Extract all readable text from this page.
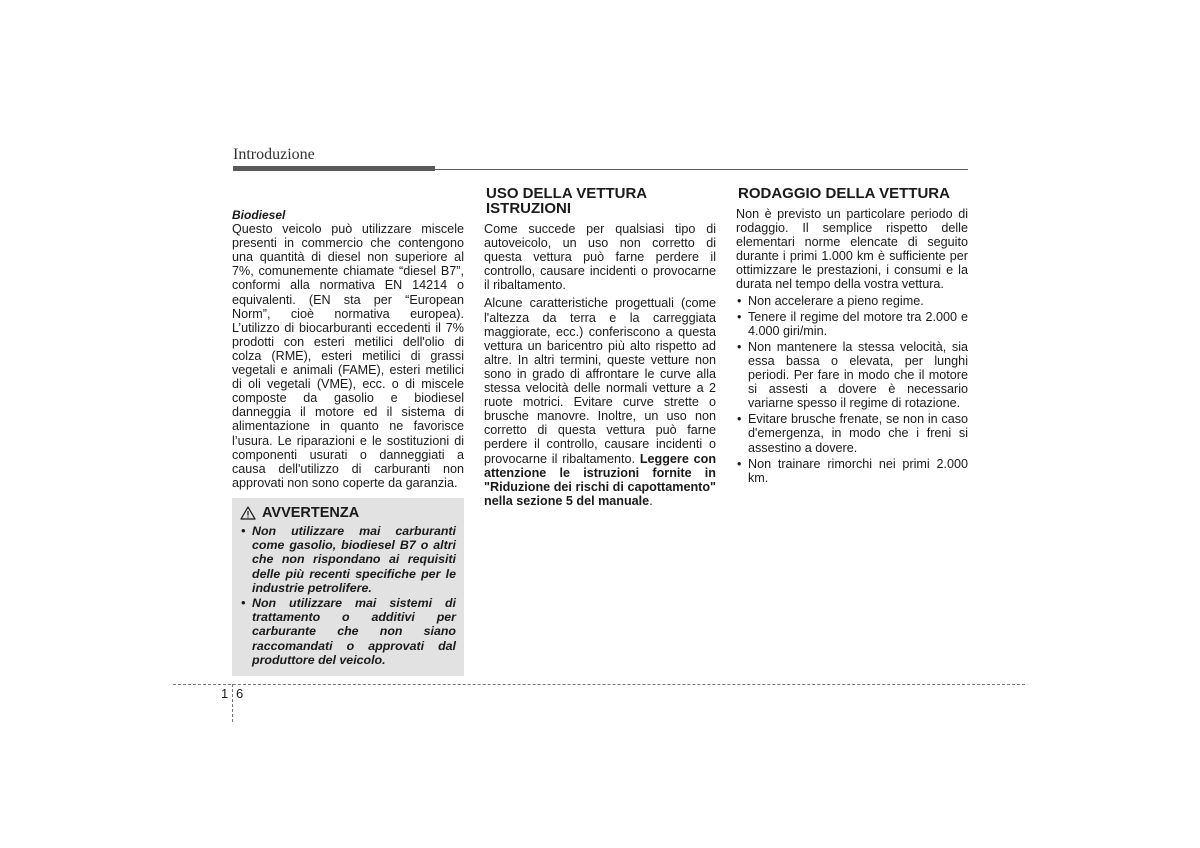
Introduzione

Biodiesel

Questo veicolo può utilizzare miscele presenti in commercio che contengono una quantità di diesel non superiore al 7%, comunemente chiamate “diesel B7”, conformi alla normativa EN 14214 o equivalenti. (EN sta per “European Norm”, cioè normativa europea). L’utilizzo di biocarburanti eccedenti il 7% prodotti con esteri metilici dell'olio di colza (RME), esteri metilici di grassi vegetali e animali (FAME), esteri metilici di oli vegetali (VME), ecc. o di miscele composte da gasolio e biodiesel danneggia il motore ed il sistema di alimentazione in quanto ne favorisce l’usura. Le riparazioni e le sostituzioni di componenti usurati o danneggiati a causa dell'utilizzo di carburanti non approvati non sono coperte da garanzia.

AVVERTENZA
• Non utilizzare mai carburanti come gasolio, biodiesel B7 o altri che non rispondano ai requisiti delle più recenti specifiche per le industrie petrolifere.
• Non utilizzare mai sistemi di trattamento o additivi per carburante che non siano raccomandati o approvati dal produttore del veicolo.
USO DELLA VETTURA
ISTRUZIONI

Come succede per qualsiasi tipo di autoveicolo, un uso non corretto di questa vettura può farne perdere il controllo, causare incidenti o provocarne il ribaltamento.

Alcune caratteristiche progettuali (come l'altezza da terra e la carreggiata maggiorate, ecc.) conferiscono a questa vettura un baricentro più alto rispetto ad altre. In altri termini, queste vetture non sono in grado di affrontare le curve alla stessa velocità delle normali vetture a 2 ruote motrici. Evitare curve strette o brusche manovre. Inoltre, un uso non corretto di questa vettura può farne perdere il controllo, causare incidenti o provocarne il ribaltamento. Leggere con attenzione le istruzioni fornite in "Riduzione dei rischi di capottamento" nella sezione 5 del manuale.

RODAGGIO DELLA VETTURA

Non è previsto un particolare periodo di rodaggio. Il semplice rispetto delle elementari norme elencate di seguito durante i primi 1.000 km è sufficiente per ottimizzare le prestazioni, i consumi e la durata nel tempo della vostra vettura.

• Non accelerare a pieno regime.
• Tenere il regime del motore tra 2.000 e 4.000 giri/min.
• Non mantenere la stessa velocità, sia essa bassa o elevata, per lunghi periodi. Per fare in modo che il motore si assesti a dovere è necessario variarne spesso il regime di rotazione.
• Evitare brusche frenate, se non in caso d'emergenza, in modo che i freni si assestino a dovere.
• Non trainare rimorchi nei primi 2.000 km.
1 6
